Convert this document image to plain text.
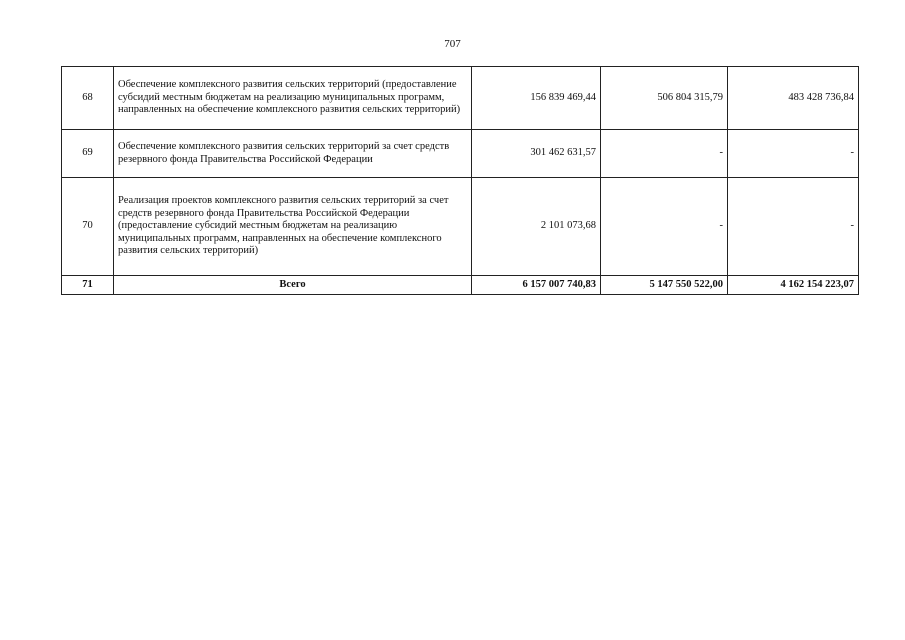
707
68	Обеспечение комплексного развития сельских территорий (предоставление субсидий местным бюджетам на реализацию муниципальных программ, направленных на обеспечение комплексного развития сельских территорий)	156 839 469,44	506 804 315,79	483 428 736,84
69	Обеспечение комплексного развития сельских территорий за счет средств резервного фонда Правительства Российской Федерации	301 462 631,57	-	-
70	Реализация проектов комплексного развития сельских территорий за счет средств резервного фонда Правительства Российской Федерации (предоставление субсидий местным бюджетам на реализацию муниципальных программ, направленных на обеспечение комплексного развития сельских территорий)	2 101 073,68	-	-
71	Всего	6 157 007 740,83	5 147 550 522,00	4 162 154 223,07
